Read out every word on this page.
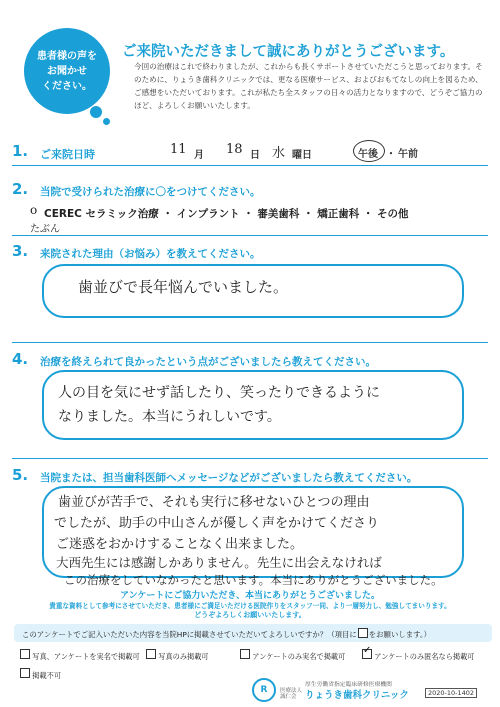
患者様の声を
お聞かせ
ください。
ご来院いただきまして誠にありがとうございます。
今回の治療はこれで終わりましたが、これからも長くサポートさせていただこうと思っております。そのために、りょうき歯科クリニックでは、更なる医療サービス、およびおもてなしの向上を図るため、ご感想をいただいております。これが私たち全スタッフの日々の活力となりますので、どうぞご協力のほど、よろしくお願いいたします。
1. ご来院日時	11 月 18 日 水 曜日	午後 ・ 午前
2. 当院で受けられた治療に〇をつけてください。
o CEREC セラミック治療 ・ インプラント ・ 審美歯科 ・ 矯正歯科 ・ その他
たぶん
3. 来院された理由（お悩み）を教えてください。
歯並びで長年悩んでいました。
4. 治療を終えられて良かったという点がございましたら教えてください。
人の目を気にせず話したり、笑ったりできるように
なりました。本当にうれしいです。
5. 当院または、担当歯科医師へメッセージなどがございましたら教えてください。
歯並びが苦手で、それも実行に移せないひとつの理由
でしたが、助手の中山さんが優しく声をかけてくださり
ご迷惑をおかけすることなく出来ました。
大西先生には感謝しかありません。先生に出会えなければ
この治療をしていなかったと思います。本当にありがとうございました。
アンケートにご協力いただき、本当にありがとうございました。
貴重な資料として参考にさせていただき、患者様にご満足いただける医院作りをスタッフ一同、より一層努力し、勉強してまいります。
どうぞよろしくお願いいたします。
このアンケートでご記入いただいた内容を当院HPに掲載させていただいてよろしいですか？（項目に をお願いします。）
写真、アンケートを実名で掲載可	写真のみ掲載可	アンケートのみ実名で掲載可
✓
アンケートのみ匿名なら掲載可
掲載不可
R	厚生労働省指定臨床研修医療機関
医療法人
誠仁会 りょうき歯科クリニック	2020-10-1402
